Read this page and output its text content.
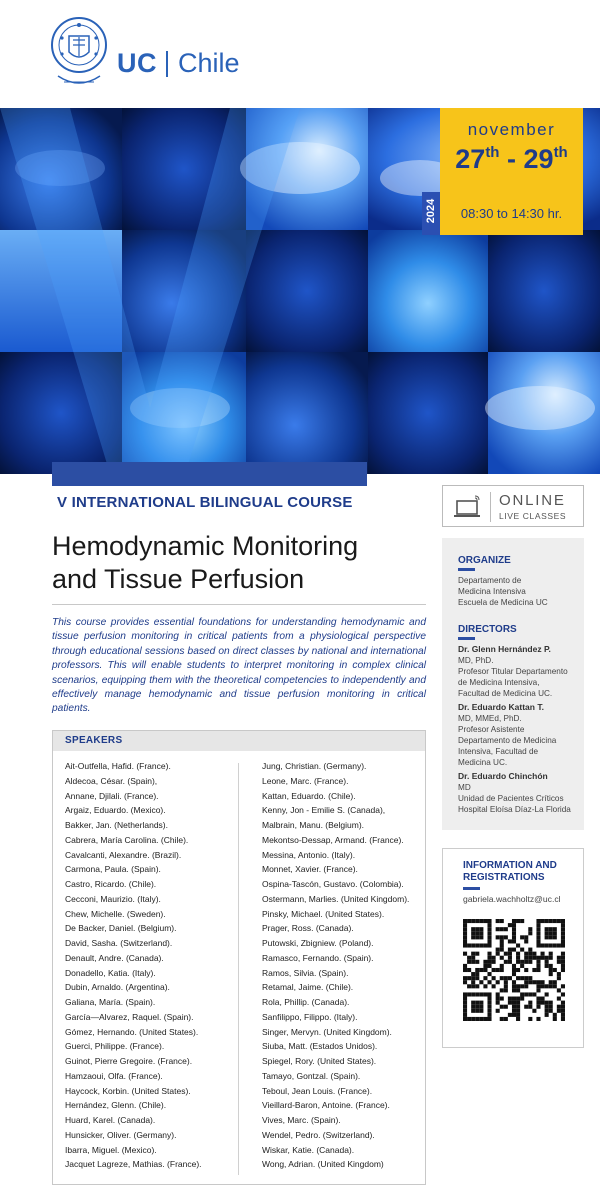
UC Chile
november
27th - 29th
2024	08:30 to 14:30 hr.
V INTERNATIONAL BILINGUAL COURSE
Hemodynamic Monitoring
and Tissue Perfusion
This course provides essential foundations for understanding hemodynamic and tissue perfusion monitoring in critical patients from a physiological perspective through educational sessions based on direct classes by national and international professors. This will enable students to interpret monitoring in complex clinical scenarios, equipping them with the theoretical competencies to independently and effectively manage hemodynamic and tissue perfusion monitoring in critical patients.
ONLINE
LIVE CLASSES
ORGANIZE
Departamento de
Medicina Intensiva
Escuela de Medicina UC
DIRECTORS
Dr. Glenn Hernández P.
MD, PhD.
Profesor Titular Departamento
de Medicina Intensiva,
Facultad de Medicina UC.
Dr. Eduardo Kattan T.
MD, MMEd, PhD.
Profesor Asistente
Departamento de Medicina
Intensiva, Facultad de
Medicina UC.
Dr. Eduardo Chinchón
MD
Unidad de Pacientes Críticos
Hospital Eloísa Díaz-La Florida
INFORMATION AND
REGISTRATIONS
gabriela.wachholtz@uc.cl
SPEAKERS
Ait-Outfella, Hafid. (France).
Aldecoa, César. (Spain),
Annane, Djilali. (France).
Argaiz, Eduardo. (Mexico).
Bakker, Jan. (Netherlands).
Cabrera, María Carolina. (Chile).
Cavalcanti, Alexandre. (Brazil).
Carmona, Paula. (Spain).
Castro, Ricardo. (Chile).
Cecconi, Maurizio. (Italy).
Chew, Michelle. (Sweden).
De Backer, Daniel. (Belgium).
David, Sasha. (Switzerland).
Denault, Andre. (Canada).
Donadello, Katia. (Italy).
Dubin, Arnaldo. (Argentina).
Galiana, María. (Spain).
García—Alvarez, Raquel. (Spain).
Gómez, Hernando. (United States).
Guerci, Philippe. (France).
Guinot, Pierre Gregoire. (France).
Hamzaoui, Olfa. (France).
Haycock, Korbin. (United States).
Hernández, Glenn. (Chile).
Huard, Karel. (Canada).
Hunsicker, Oliver. (Germany).
Ibarra, Miguel. (Mexico).
Jacquet Lagreze, Mathias. (France).
Jung, Christian. (Germany).
Leone, Marc. (France).
Kattan, Eduardo. (Chile).
Kenny, Jon - Emilie S. (Canada),
Malbrain, Manu. (Belgium).
Mekontso-Dessap, Armand. (France).
Messina, Antonio. (Italy).
Monnet, Xavier. (France).
Ospina-Tascón, Gustavo. (Colombia).
Ostermann, Marlies. (United Kingdom).
Pinsky, Michael. (United States).
Prager, Ross. (Canada).
Putowski, Zbigniew. (Poland).
Ramasco, Fernando. (Spain).
Ramos, Silvia. (Spain).
Retamal, Jaime. (Chile).
Rola, Phillip. (Canada).
Sanfilippo, Filippo. (Italy).
Singer, Mervyn. (United Kingdom).
Siuba, Matt. (Estados Unidos).
Spiegel, Rory. (United States).
Tamayo, Gontzal. (Spain).
Teboul, Jean Louis. (France).
Vieillard-Baron, Antoine. (France).
Vives, Marc. (Spain).
Wendel, Pedro. (Switzerland).
Wiskar, Katie. (Canada).
Wong, Adrian. (United Kingdom)
